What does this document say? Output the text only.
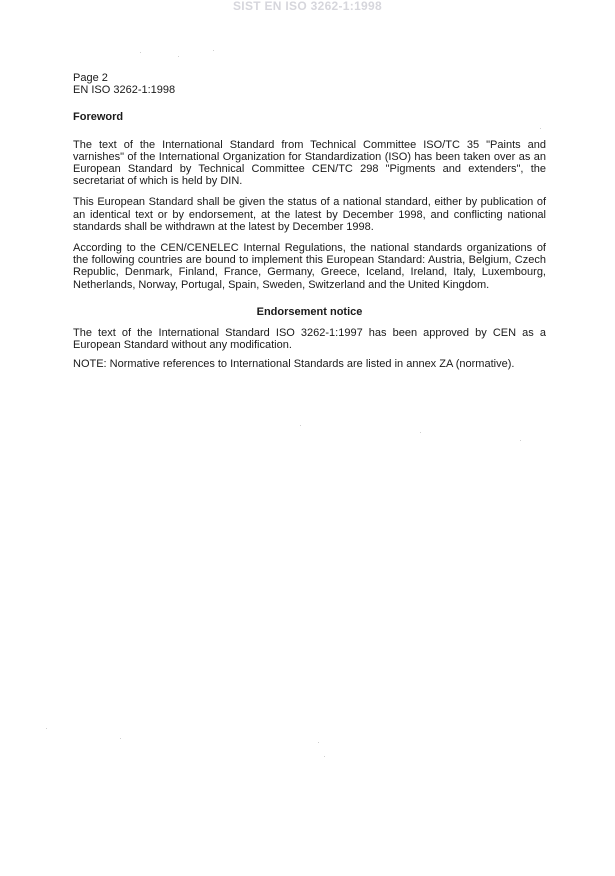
SIST EN ISO 3262-1:1998
Page 2
EN ISO 3262-1:1998
Foreword

The text of the International Standard from Technical Committee ISO/TC 35 "Paints and varnishes" of the International Organization for Standardization (ISO) has been taken over as an European Standard by Technical Committee CEN/TC 298 "Pigments and extenders", the secretariat of which is held by DIN.

This European Standard shall be given the status of a national standard, either by publication of an identical text or by endorsement, at the latest by December 1998, and conflicting national standards shall be withdrawn at the latest by December 1998.

According to the CEN/CENELEC Internal Regulations, the national standards organizations of the following countries are bound to implement this European Standard: Austria, Belgium, Czech Republic, Denmark, Finland, France, Germany, Greece, Iceland, Ireland, Italy, Luxembourg, Netherlands, Norway, Portugal, Spain, Sweden, Switzerland and the United Kingdom.

Endorsement notice

The text of the International Standard ISO 3262-1:1997 has been approved by CEN as a European Standard without any modification.

NOTE: Normative references to International Standards are listed in annex ZA (normative).
